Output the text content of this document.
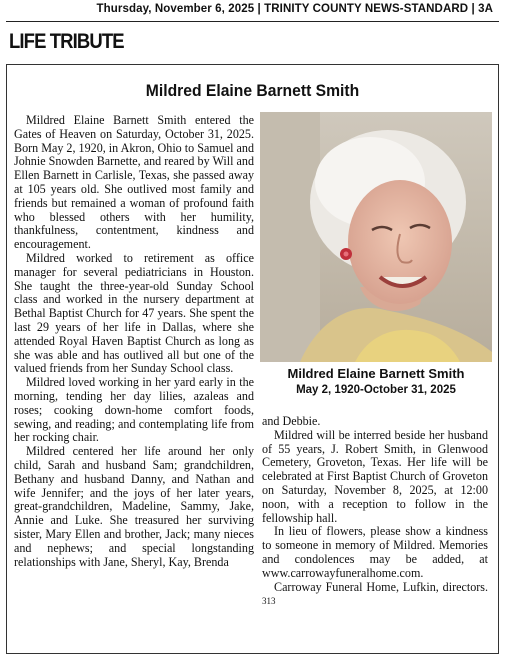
Thursday, November 6, 2025 | TRINITY COUNTY NEWS-STANDARD | 3A
LIFE TRIBUTE
Mildred Elaine Barnett Smith

Mildred Elaine Barnett Smith entered the Gates of Heaven on Saturday, October 31, 2025. Born May 2, 1920, in Akron, Ohio to Samuel and Johnie Snowden Barnette, and reared by Will and Ellen Barnett in Carlisle, Texas, she passed away at 105 years old. She outlived most family and friends but remained a woman of profound faith who blessed others with her humility, thankfulness, contentment, kindness and encouragement.

Mildred worked to retirement as office manager for several pediatricians in Houston. She taught the three-year-old Sunday School class and worked in the nursery department at Bethal Baptist Church for 47 years. She spent the last 29 years of her life in Dallas, where she attended Royal Haven Baptist Church as long as she was able and has outlived all but one of the valued friends from her Sunday School class.

Mildred loved working in her yard early in the morning, tending her day lilies, azaleas and roses; cooking down-home comfort foods, sewing, and reading; and contemplating life from her rocking chair.

Mildred centered her life around her only child, Sarah and husband Sam; grandchildren, Bethany and husband Danny, and Nathan and wife Jennifer; and the joys of her later years, great-grandchildren, Madeline, Sammy, Jake, Annie and Luke. She treasured her surviving sister, Mary Ellen and brother, Jack; many nieces and nephews; and special longstanding relationships with Jane, Sheryl, Kay, Brenda

Mildred Elaine Barnett Smith
May 2, 1920-October 31, 2025

and Debbie.

Mildred will be interred beside her husband of 55 years, J. Robert Smith, in Glenwood Cemetery, Groveton, Texas. Her life will be celebrated at First Baptist Church of Groveton on Saturday, November 8, 2025, at 12:00 noon, with a reception to follow in the fellowship hall.

In lieu of flowers, please show a kindness to someone in memory of Mildred. Memories and condolences may be added, at www.carrowayfuneralhome.com.

Carroway Funeral Home, Lufkin, directors. 313
